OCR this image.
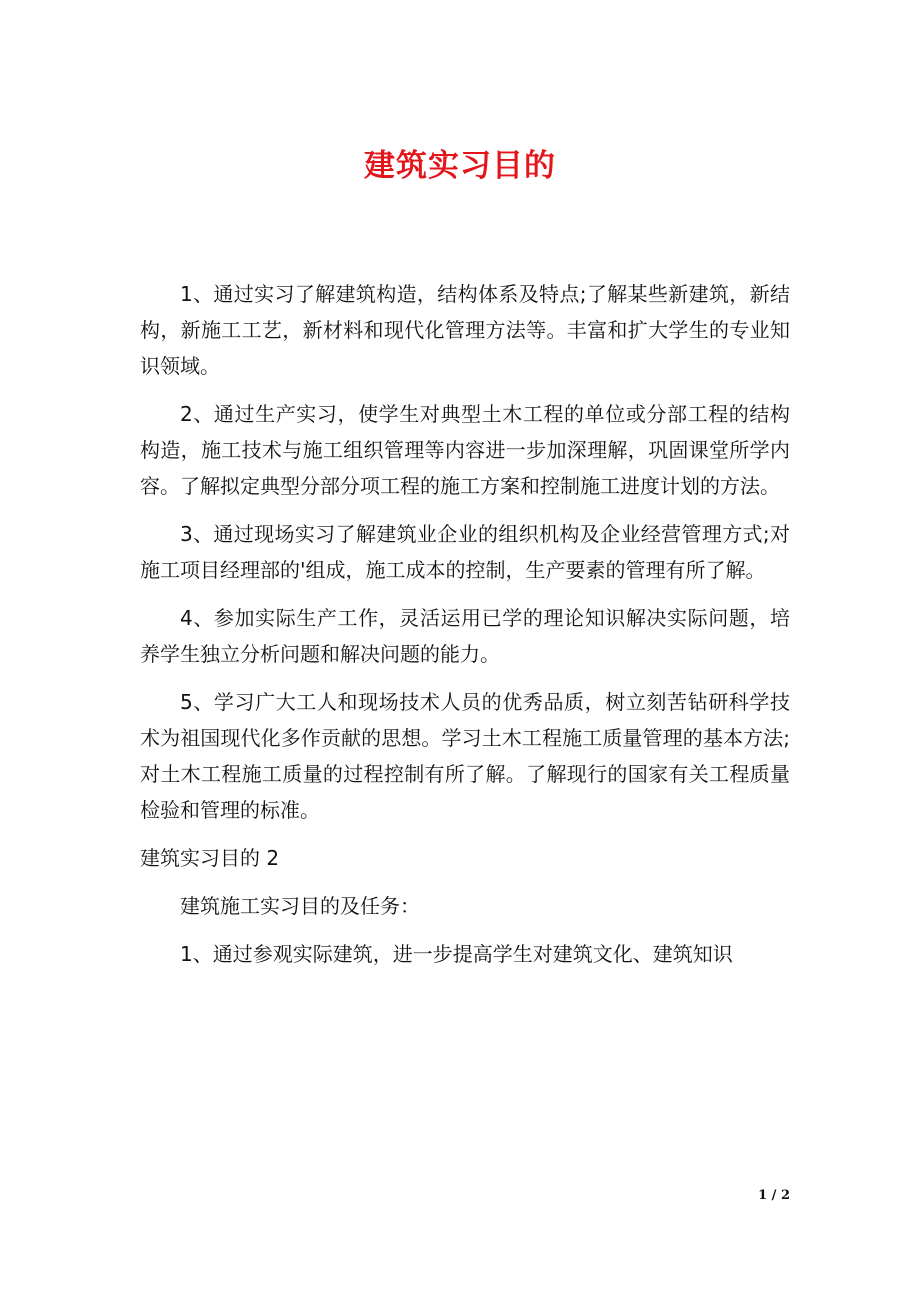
建筑实习目的

1、通过实习了解建筑构造，结构体系及特点;了解某些新建筑，新结构，新施工工艺，新材料和现代化管理方法等。丰富和扩大学生的专业知识领域。

2、通过生产实习，使学生对典型土木工程的单位或分部工程的结构构造，施工技术与施工组织管理等内容进一步加深理解，巩固课堂所学内容。了解拟定典型分部分项工程的施工方案和控制施工进度计划的方法。

3、通过现场实习了解建筑业企业的组织机构及企业经营管理方式;对施工项目经理部的'组成，施工成本的控制，生产要素的管理有所了解。

4、参加实际生产工作，灵活运用已学的理论知识解决实际问题，培养学生独立分析问题和解决问题的能力。

5、学习广大工人和现场技术人员的优秀品质，树立刻苦钻研科学技术为祖国现代化多作贡献的思想。学习土木工程施工质量管理的基本方法;对土木工程施工质量的过程控制有所了解。了解现行的国家有关工程质量检验和管理的标准。

建筑实习目的 2

建筑施工实习目的及任务：

1、通过参观实际建筑，进一步提高学生对建筑文化、建筑知识

1 / 2
